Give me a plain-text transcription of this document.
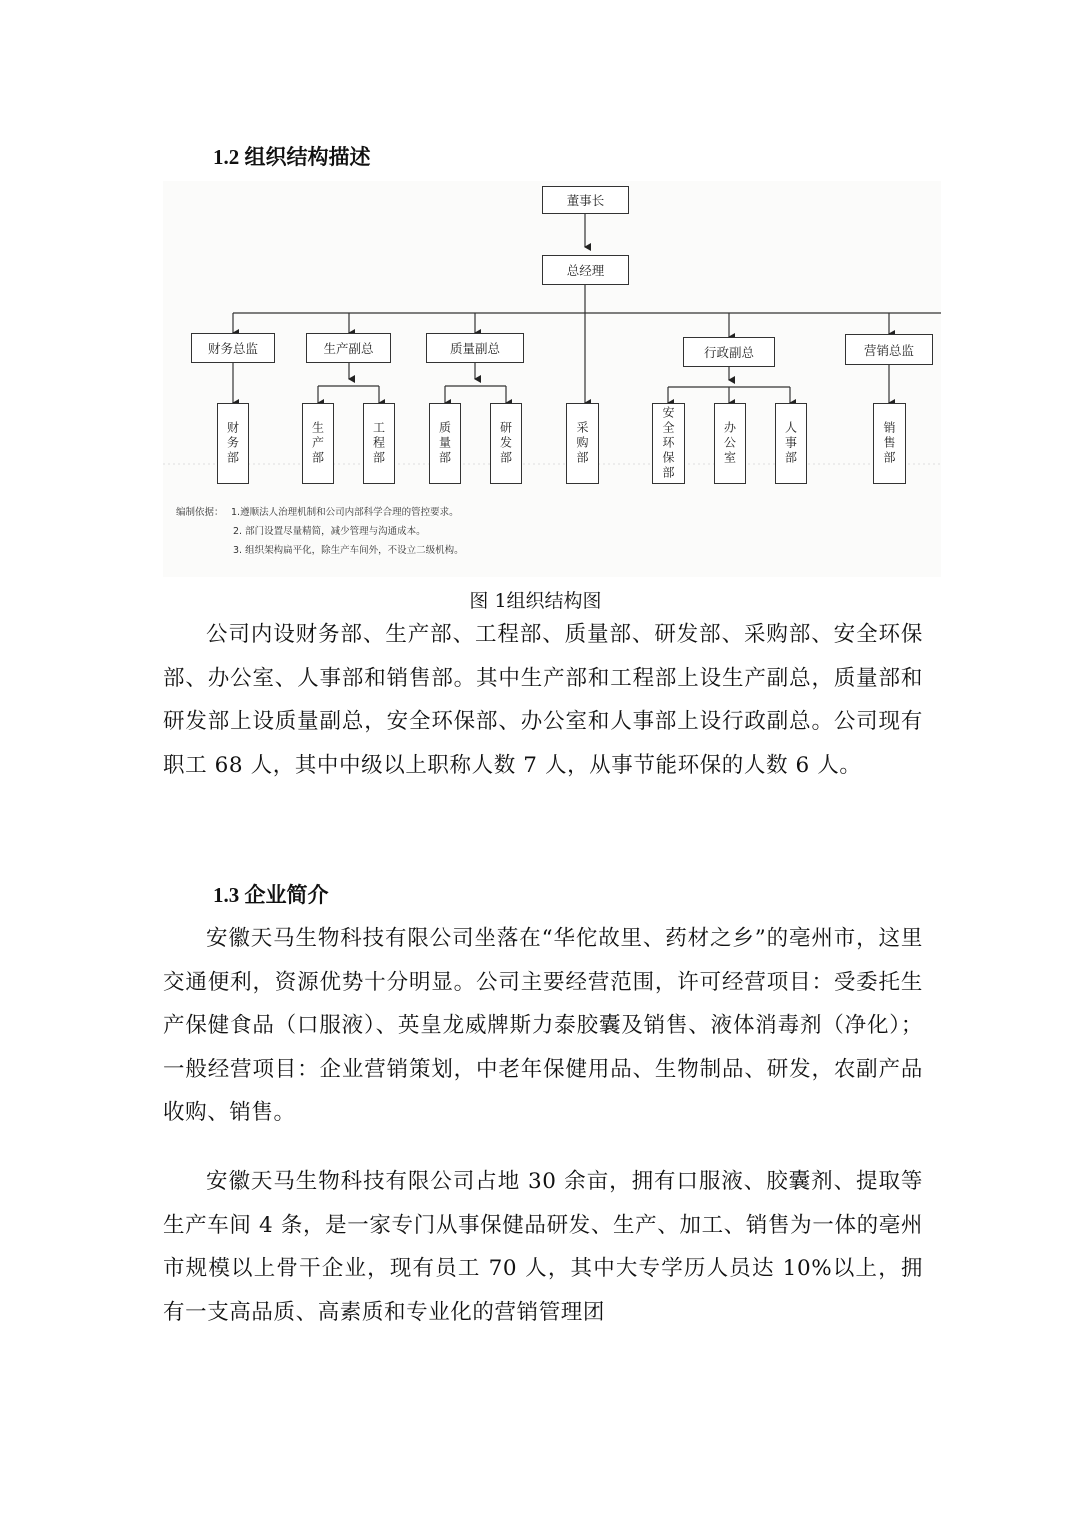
1.2 组织结构描述
董事长
总经理
财务总监	生产副总	质量副总	行政副总	营销总监
财务部	生产部	工程部	质量部	研发部	采购部	安全环保部	办公室	人事部	销售部
编制依据： 1.遵顺法人治理机制和公司内部科学合理的管控要求。
2. 部门设置尽量精简，减少管理与沟通成本。
3. 组织架构扁平化，除生产车间外，不设立二级机构。
图 1组织结构图

公司内设财务部、生产部、工程部、质量部、研发部、采购部、安全环保部、办公室、人事部和销售部。其中生产部和工程部上设生产副总，质量部和研发部上设质量副总，安全环保部、办公室和人事部上设行政副总。公司现有职工 68 人，其中中级以上职称人数 7 人，从事节能环保的人数 6 人。

1.3 企业简介

安徽天马生物科技有限公司坐落在“华佗故里、药材之乡”的亳州市，这里交通便利，资源优势十分明显。公司主要经营范围，许可经营项目：受委托生产保健食品（口服液）、英皇龙威牌斯力泰胶囊及销售、液体消毒剂（净化）；一般经营项目：企业营销策划，中老年保健用品、生物制品、研发，农副产品收购、销售。

安徽天马生物科技有限公司占地 30 余亩，拥有口服液、胶囊剂、提取等生产车间 4 条，是一家专门从事保健品研发、生产、加工、销售为一体的亳州市规模以上骨干企业，现有员工 70 人，其中大专学历人员达 10%以上，拥有一支高品质、高素质和专业化的营销管理团
